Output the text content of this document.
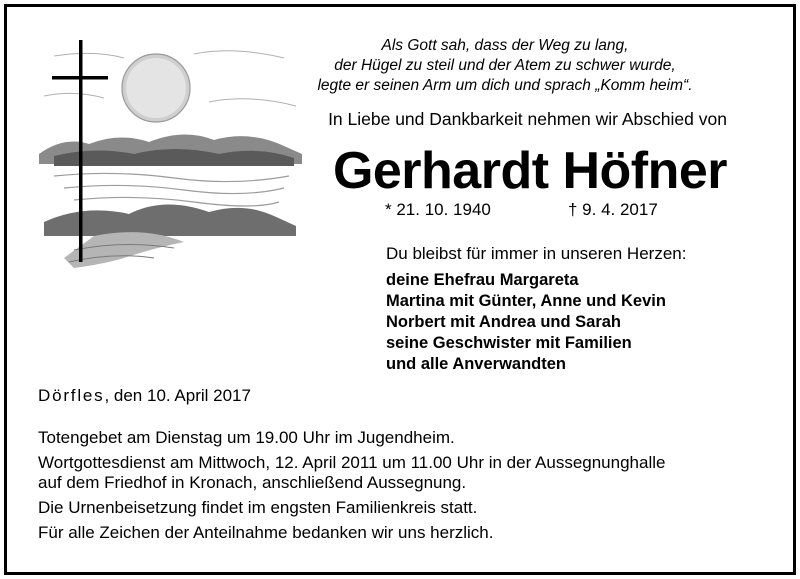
Als Gott sah, dass der Weg zu lang,
der Hügel zu steil und der Atem zu schwer wurde,
legte er seinen Arm um dich und sprach „Komm heim“.
In Liebe und Dankbarkeit nehmen wir Abschied von
Gerhardt Höfner
* 21. 10. 1940	† 9. 4. 2017
Du bleibst für immer in unseren Herzen:
deine Ehefrau Margareta
Martina mit Günter, Anne und Kevin
Norbert mit Andrea und Sarah
seine Geschwister mit Familien
und alle Anverwandten
Dörfles, den 10. April 2017
Totengebet am Dienstag um 19.00 Uhr im Jugendheim.
Wortgottesdienst am Mittwoch, 12. April 2011 um 11.00 Uhr in der Aussegnunghalle
auf dem Friedhof in Kronach, anschließend Aussegnung.
Die Urnenbeisetzung findet im engsten Familienkreis statt.
Für alle Zeichen der Anteilnahme bedanken wir uns herzlich.
